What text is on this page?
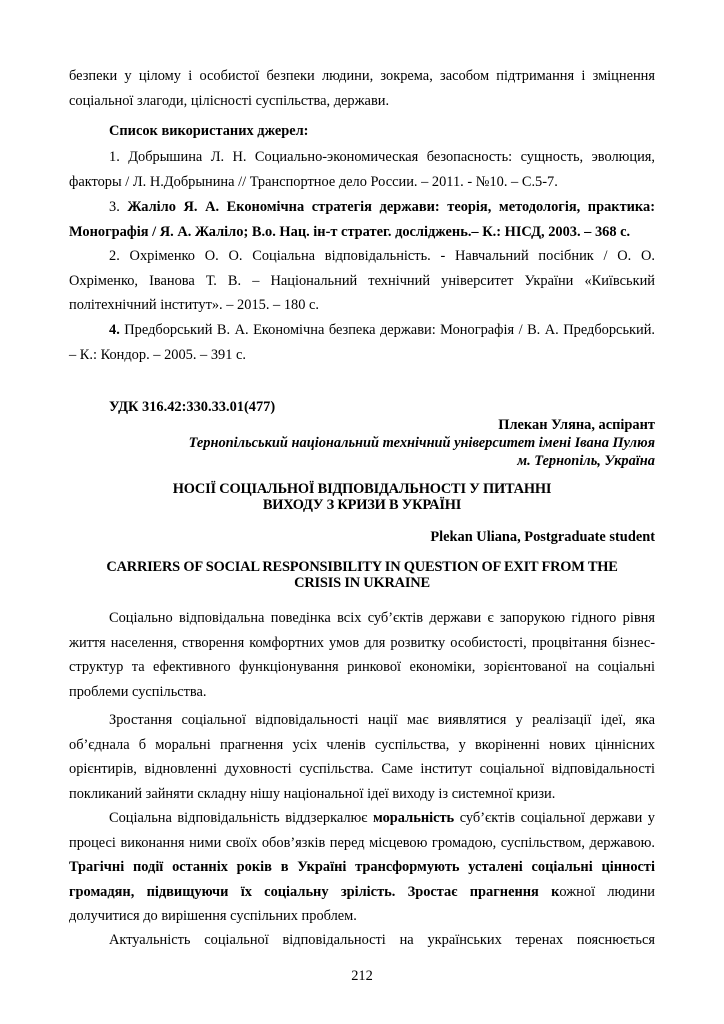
безпеки у цілому і особистої безпеки людини, зокрема, засобом підтримання і зміцнення
соціальної злагоди, цілісності суспільства, держави.

Список використаних джерел:

1. Добрышина Л. Н. Социально-экономическая безопасность: сущность, эволюция, факторы / Л. Н.Добрынина // Транспортное дело России. – 2011. - №10. – С.5-7.

3. Жаліло Я. А. Економічна стратегія держави: теорія, методологія, практика: Монографія / Я. А. Жаліло; В.о. Нац. ін-т стратег. досліджень.– К.: НІСД, 2003. – 368 с.

2. Охріменко О. О. Соціальна відповідальність. - Навчальний посібник / О. О. Охріменко, Іванова Т. В. – Національний технічний університет України «Київський політехнічний інститут». – 2015. – 180 с.

4. Предборський В. А. Економічна безпека держави: Монографія / В. А. Предборський. – К.: Кондор. – 2005. – 391 с.

УДК 316.42:330.33.01(477)

Плекан Уляна, аспірант

Тернопільський національний технічний університет імені Івана Пулюя

м. Тернопіль, Україна

НОСІЇ СОЦІАЛЬНОЇ ВІДПОВІДАЛЬНОСТІ У ПИТАННІ

ВИХОДУ З КРИЗИ В УКРАЇНІ

Plekan Uliana, Postgraduate student

CARRIERS OF SOCIAL RESPONSIBILITY IN QUESTION OF EXIT FROM THE

CRISIS IN UKRAINE

Соціально відповідальна поведінка всіх суб’єктів держави є запорукою гідного рівня життя населення, створення комфортних умов для розвитку особистості, процвітання бізнес-структур та ефективного функціонування ринкової економіки, зорієнтованої на соціальні проблеми суспільства.

Зростання соціальної відповідальності нації має виявлятися у реалізації ідеї, яка об’єднала б моральні прагнення усіх членів суспільства, у вкоріненні нових ціннісних орієнтирів, відновленні духовності суспільства. Саме інститут соціальної відповідальності покликаний зайняти складну нішу національної ідеї виходу із системної кризи.

Соціальна відповідальність віддзеркалює моральність суб’єктів соціальної держави у процесі виконання ними своїх обов’язків перед місцевою громадою, суспільством, державою. Трагічні події останніх років в Україні трансформують усталені соціальні цінності громадян, підвищуючи їх соціальну зрілість. Зростає прагнення кожної людини долучитися до вирішення суспільних проблем.

Актуальність соціальної відповідальності на українських теренах пояснюється

212
